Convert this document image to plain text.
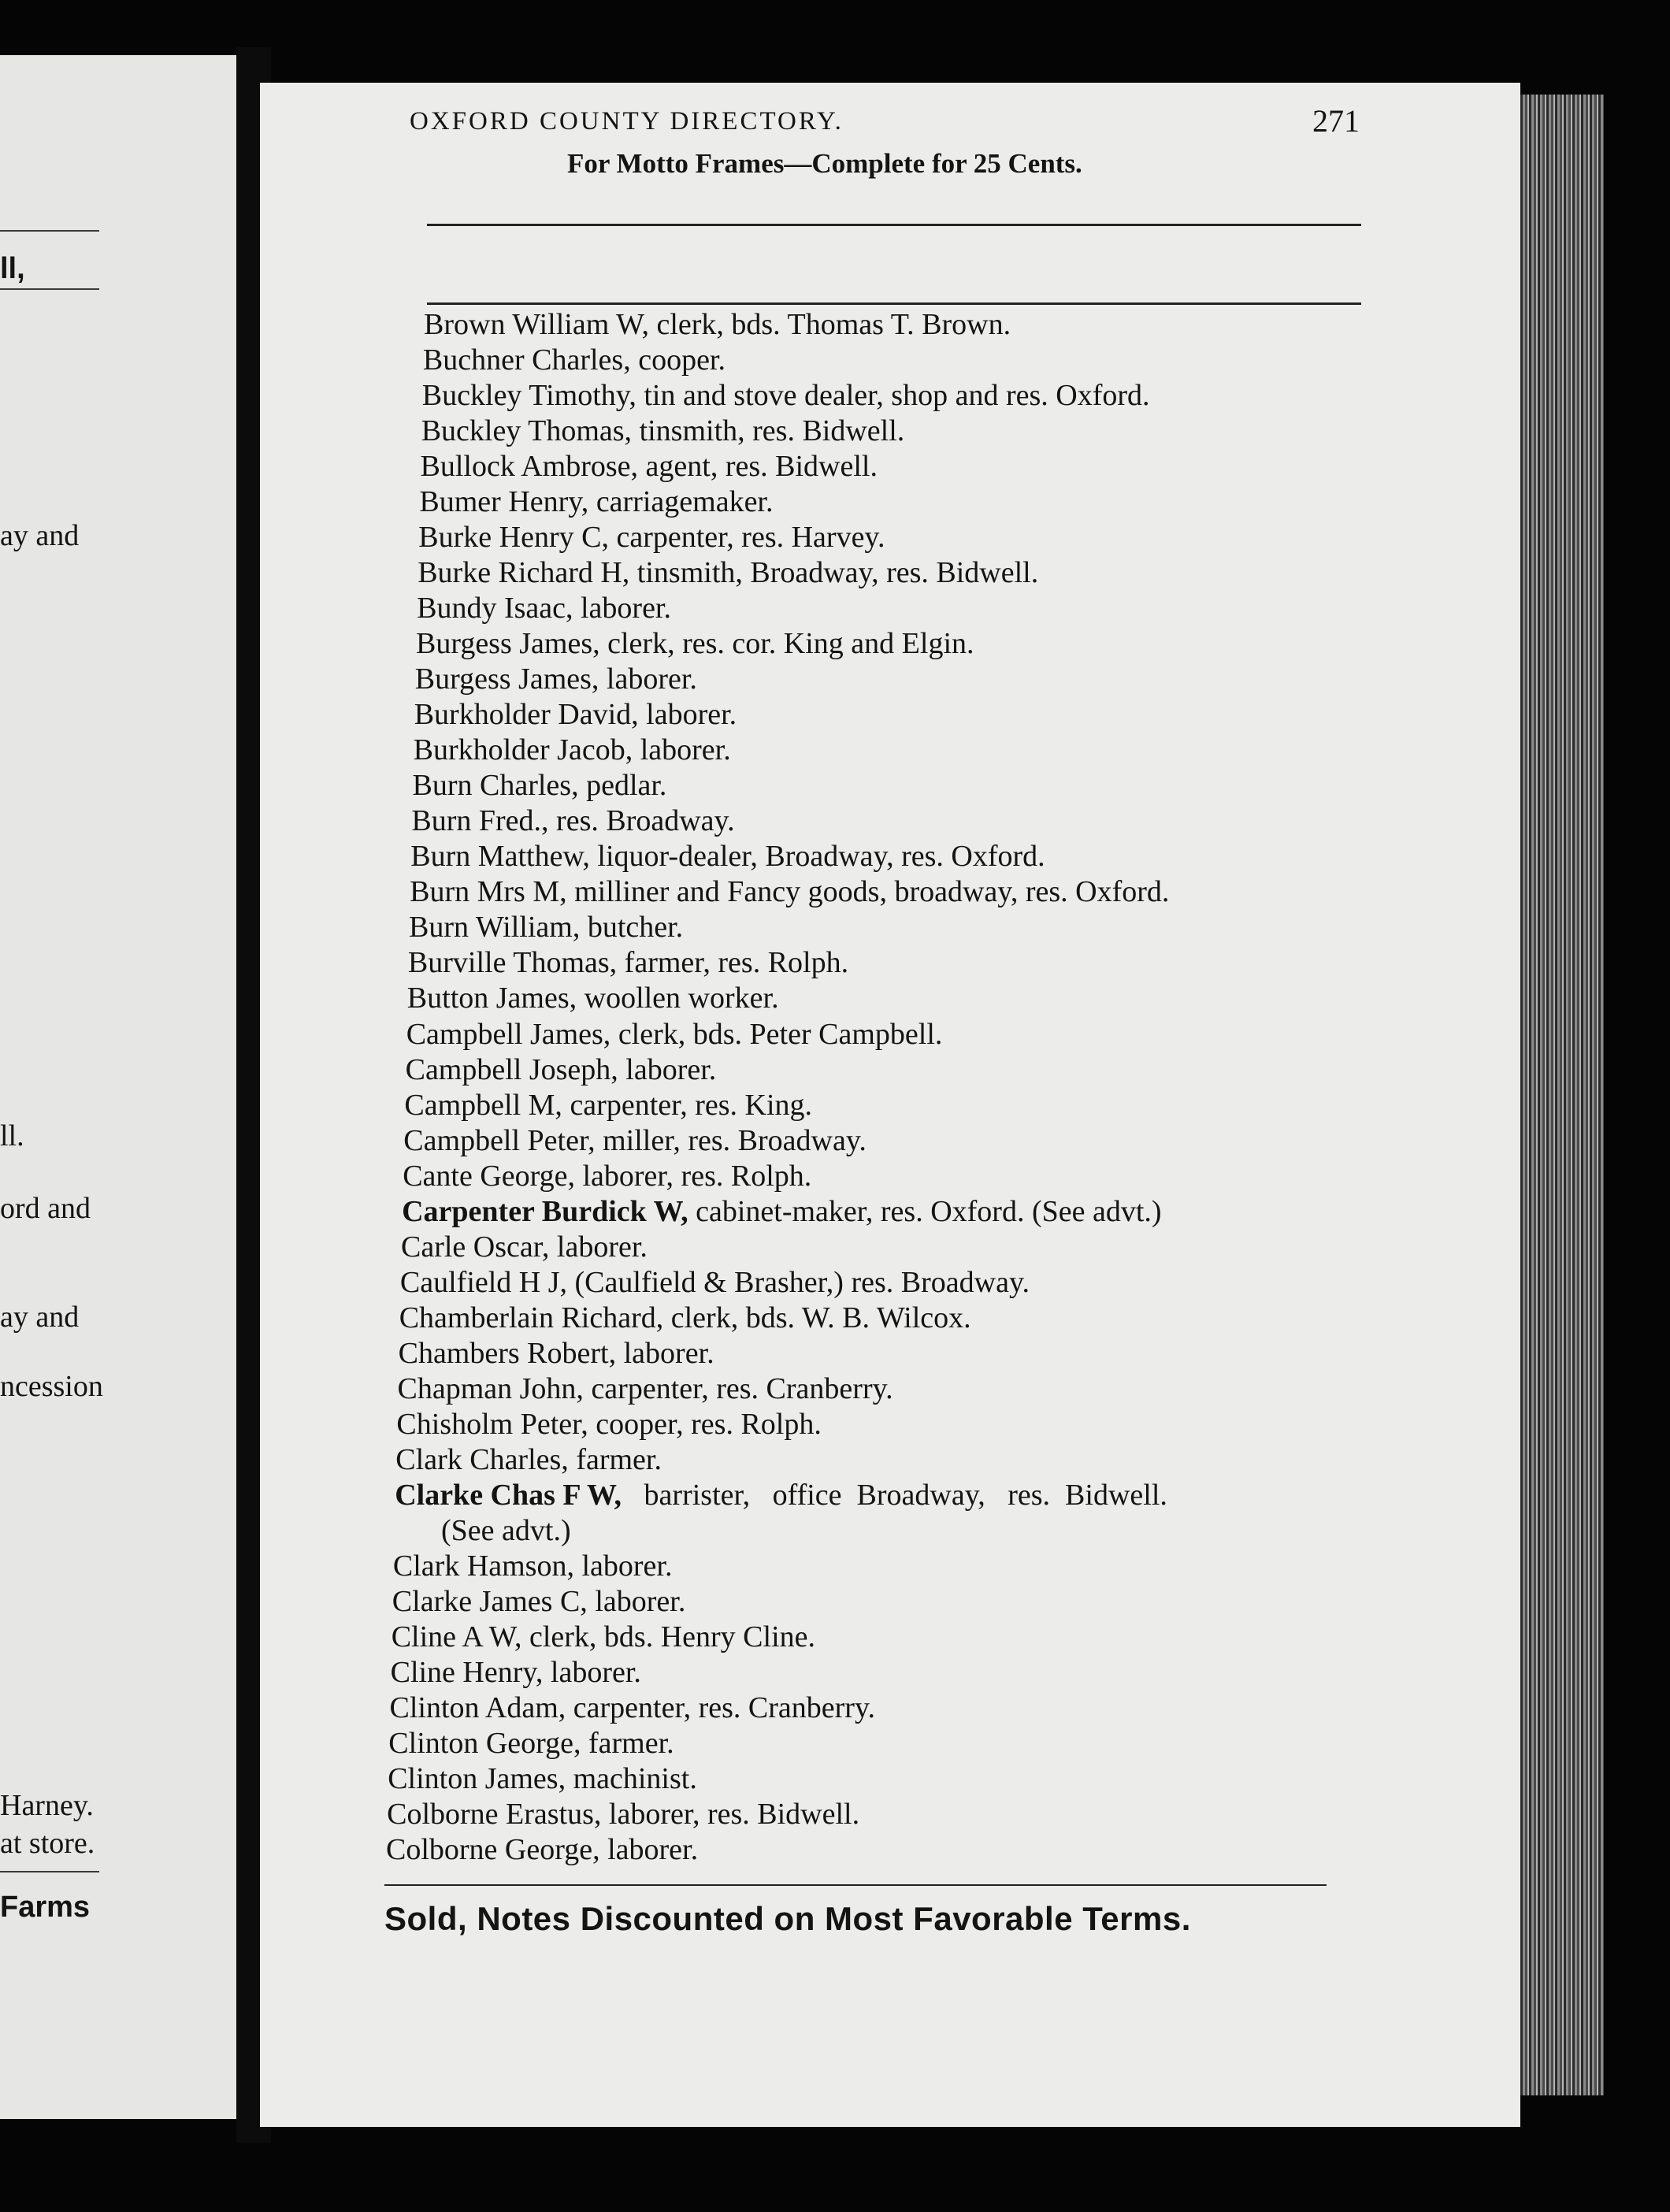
ll,
ay and
ll.
ord and
ay and
ncession
Harney.
at store.
Farms
OXFORD COUNTY DIRECTORY.	271
For Motto Frames—Complete for 25 Cents.
Brown William W, clerk, bds. Thomas T. Brown.
Buchner Charles, cooper.
Buckley Timothy, tin and stove dealer, shop and res. Oxford.
Buckley Thomas, tinsmith, res. Bidwell.
Bullock Ambrose, agent, res. Bidwell.
Bumer Henry, carriagemaker.
Burke Henry C, carpenter, res. Harvey.
Burke Richard H, tinsmith, Broadway, res. Bidwell.
Bundy Isaac, laborer.
Burgess James, clerk, res. cor. King and Elgin.
Burgess James, laborer.
Burkholder David, laborer.
Burkholder Jacob, laborer.
Burn Charles, pedlar.
Burn Fred., res. Broadway.
Burn Matthew, liquor-dealer, Broadway, res. Oxford.
Burn Mrs M, milliner and Fancy goods, broadway, res. Oxford.
Burn William, butcher.
Burville Thomas, farmer, res. Rolph.
Button James, woollen worker.
Campbell James, clerk, bds. Peter Campbell.
Campbell Joseph, laborer.
Campbell M, carpenter, res. King.
Campbell Peter, miller, res. Broadway.
Cante George, laborer, res. Rolph.
Carpenter Burdick W, cabinet-maker, res. Oxford. (See advt.)
Carle Oscar, laborer.
Caulfield H J, (Caulfield & Brasher,) res. Broadway.
Chamberlain Richard, clerk, bds. W. B. Wilcox.
Chambers Robert, laborer.
Chapman John, carpenter, res. Cranberry.
Chisholm Peter, cooper, res. Rolph.
Clark Charles, farmer.
Clarke Chas F W,   barrister,   office  Broadway,   res.  Bidwell.
(See advt.)
Clark Hamson, laborer.
Clarke James C, laborer.
Cline A W, clerk, bds. Henry Cline.
Cline Henry, laborer.
Clinton Adam, carpenter, res. Cranberry.
Clinton George, farmer.
Clinton James, machinist.
Colborne Erastus, laborer, res. Bidwell.
Colborne George, laborer.
Sold, Notes Discounted on Most Favorable Terms.
